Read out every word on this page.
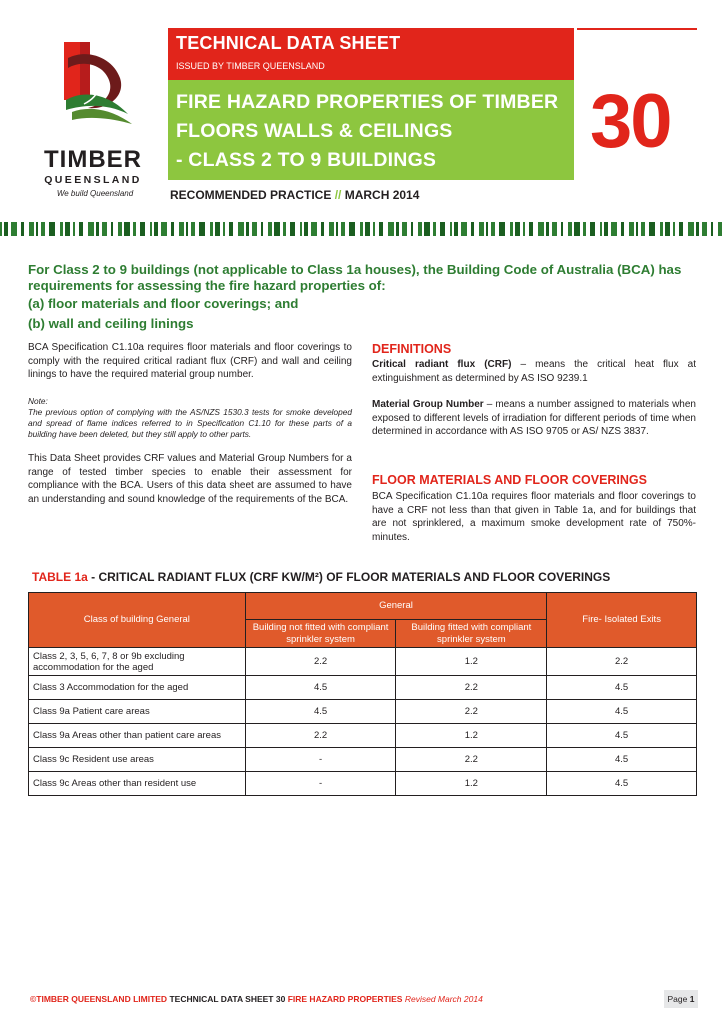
TIMBER
QUEENSLAND
We build Queensland
TECHNICAL DATA SHEET
ISSUED BY TIMBER QUEENSLAND
FIRE HAZARD PROPERTIES OF TIMBER
FLOORS WALLS & CEILINGS
- CLASS 2 TO 9 BUILDINGS 30
RECOMMENDED PRACTICE // MARCH 2014
For Class 2 to 9 buildings (not applicable to Class 1a houses), the Building Code of Australia (BCA) has requirements for assessing the fire hazard properties of:
(a) floor materials and floor coverings; and
(b) wall and ceiling linings
BCA Specification C1.10a requires floor materials and floor coverings to comply with the required critical radiant flux (CRF) and wall and ceiling linings to have the required material group number.
Note:
The previous option of complying with the AS/NZS 1530.3 tests for smoke developed and spread of flame indices referred to in Specification C1.10 for these parts of a building have been deleted, but they still apply to other parts.
This Data Sheet provides CRF values and Material Group Numbers for a range of tested timber species to enable their assessment for compliance with the BCA. Users of this data sheet are assumed to have an understanding and sound knowledge of the requirements of the BCA.
DEFINITIONS
Critical radiant flux (CRF) – means the critical heat flux at extinguishment as determined by AS ISO 9239.1
Material Group Number – means a number assigned to materials when exposed to different levels of irradiation for different periods of time when determined in accordance with AS ISO 9705 or AS/ NZS 3837.
FLOOR MATERIALS AND FLOOR COVERINGS
BCA Specification C1.10a requires floor materials and floor coverings to have a CRF not less than that given in Table 1a, and for buildings that are not sprinklered, a maximum smoke development rate of 750%-minutes.
TABLE 1a - CRITICAL RADIANT FLUX (CRF KW/M²) OF FLOOR MATERIALS AND FLOOR COVERINGS
Class of building General	General		Fire- Isolated Exits
	Building not fitted with compliant sprinkler system	Building fitted with compliant sprinkler system	
Class 2, 3, 5, 6, 7, 8 or 9b excluding accommodation for the aged	2.2	1.2	2.2
Class 3 Accommodation for the aged	4.5	2.2	4.5
Class 9a Patient care areas	4.5	2.2	4.5
Class 9a Areas other than patient care areas	2.2	1.2	4.5
Class 9c Resident use areas	-	2.2	4.5
Class 9c Areas other than resident use	-	1.2	4.5
©TIMBER QUEENSLAND LIMITED TECHNICAL DATA SHEET 30 FIRE HAZARD PROPERTIES Revised March 2014	Page 1
